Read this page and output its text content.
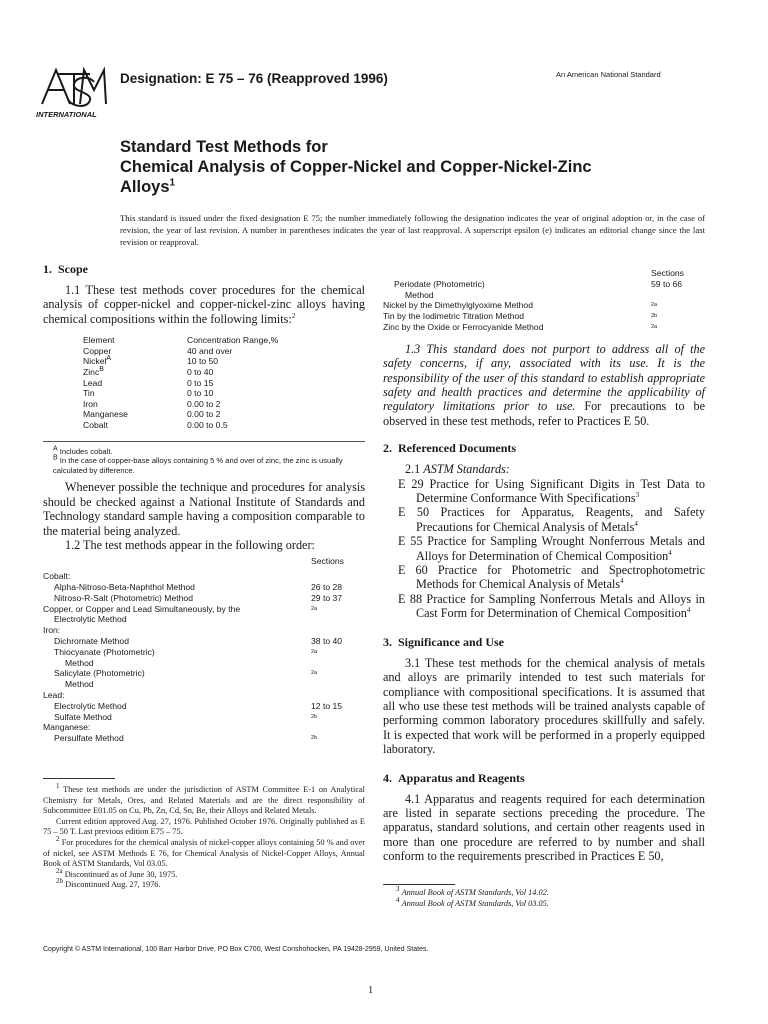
INTERNATIONAL
Designation: E 75 – 76 (Reapproved 1996)	An American National Standard
Standard Test Methods for
Chemical Analysis of Copper-Nickel and Copper-Nickel-Zinc
Alloys$^1$
This standard is issued under the fixed designation E 75; the number immediately following the designation indicates the year of original adoption or, in the case of revision, the year of last revision. A number in parentheses indicates the year of last reapproval. A superscript epsilon (e) indicates an editorial change since the last revision or reapproval.
1. Scope

1.1 These test methods cover procedures for the chemical analysis of copper-nickel and copper-nickel-zinc alloys having chemical compositions within the following limits:$^2$

Element	Concentration Range,%
Copper	40 and over
Nickel$^A$	10 to 50
Zinc$^B$	0 to 40
Lead	0 to 15
Tin	0 to 10
Iron	0.00 to 2
Manganese	0.00 to 2
Cobalt	0.00 to 0.5
$^A$ Includes cobalt.
$^B$ In the case of copper-base alloys containing 5 % and over of zinc, the zinc is usually calculated by difference.

Whenever possible the technique and procedures for analysis should be checked against a National Institute of Standards and Technology standard sample having a composition comparable to the material being analyzed.

1.2 The test methods appear in the following order:

Sections
Cobalt:
Alpha-Nitroso-Beta-Naphthol Method	26 to 28
Nitroso-R-Salt (Photometric) Method	29 to 37
Copper, or Copper and Lead Simultaneously, by the	2a
Electrolytic Method
Iron:
Dichromate Method	38 to 40
Thiocyanate (Photometric)	2a
Method
Salicylate (Photometric)	2a
Method
Lead:
Electrolytic Method	12 to 15
Sulfate Method	2b
Manganese:
Persulfate Method	2b
Sections
Periodate (Photometric)	59 to 66
Method
Nickel by the Dimethylglyoxime Method	2a
Tin by the Iodimetric Titration Method	2b
Zinc by the Oxide or Ferrocyanide Method	2a

1.3 This standard does not purport to address all of the safety concerns, if any, associated with its use. It is the responsibility of the user of this standard to establish appropriate safety and health practices and determine the applicability of regulatory limitations prior to use. For precautions to be observed in these test methods, refer to Practices E 50.

2. Referenced Documents
2.1 ASTM Standards:
E 29 Practice for Using Significant Digits in Test Data to Determine Conformance With Specifications$^3$
E 50 Practices for Apparatus, Reagents, and Safety Precautions for Chemical Analysis of Metals$^4$
E 55 Practice for Sampling Wrought Nonferrous Metals and Alloys for Determination of Chemical Composition$^4$
E 60 Practice for Photometric and Spectrophotometric Methods for Chemical Analysis of Metals$^4$
E 88 Practice for Sampling Nonferrous Metals and Alloys in Cast Form for Determination of Chemical Composition$^4$
3. Significance and Use

3.1 These test methods for the chemical analysis of metals and alloys are primarily intended to test such materials for compliance with compositional specifications. It is assumed that all who use these test methods will be trained analysts capable of performing common laboratory procedures skillfully and safely. It is expected that work will be performed in a properly equipped laboratory.

4. Apparatus and Reagents

4.1 Apparatus and reagents required for each determination are listed in separate sections preceding the procedure. The apparatus, standard solutions, and certain other reagents used in more than one procedure are referred to by number and shall conform to the requirements prescribed in Practices E 50,

$^1$ These test methods are under the jurisdiction of ASTM Committee E-1 on Analytical Chemistry for Metals, Ores, and Related Materials and are the direct responsibility of Subcommittee E01.05 on Cu, Pb, Zn, Cd, Sn, Be, their Alloys and Related Metals.

Current edition approved Aug. 27, 1976. Published October 1976. Originally published as E 75 – 50 T. Last previous edition E75 – 75.

$^2$ For procedures for the chemical analysis of nickel-copper alloys containing 50 % and over of nickel, see ASTM Methods E 76, for Chemical Analysis of Nickel-Copper Alloys, Annual Book of ASTM Standards, Vol 03.05.

$^{2a}$ Discontinued as of June 30, 1975.

$^{2b}$ Discontinued Aug. 27, 1976.	$^3$ Annual Book of ASTM Standards, Vol 14.02.

$^4$ Annual Book of ASTM Standards, Vol 03.05.

Copyright © ASTM International, 100 Barr Harbor Drive, PO Box C700, West Conshohocken, PA 19428-2959, United States.
1
